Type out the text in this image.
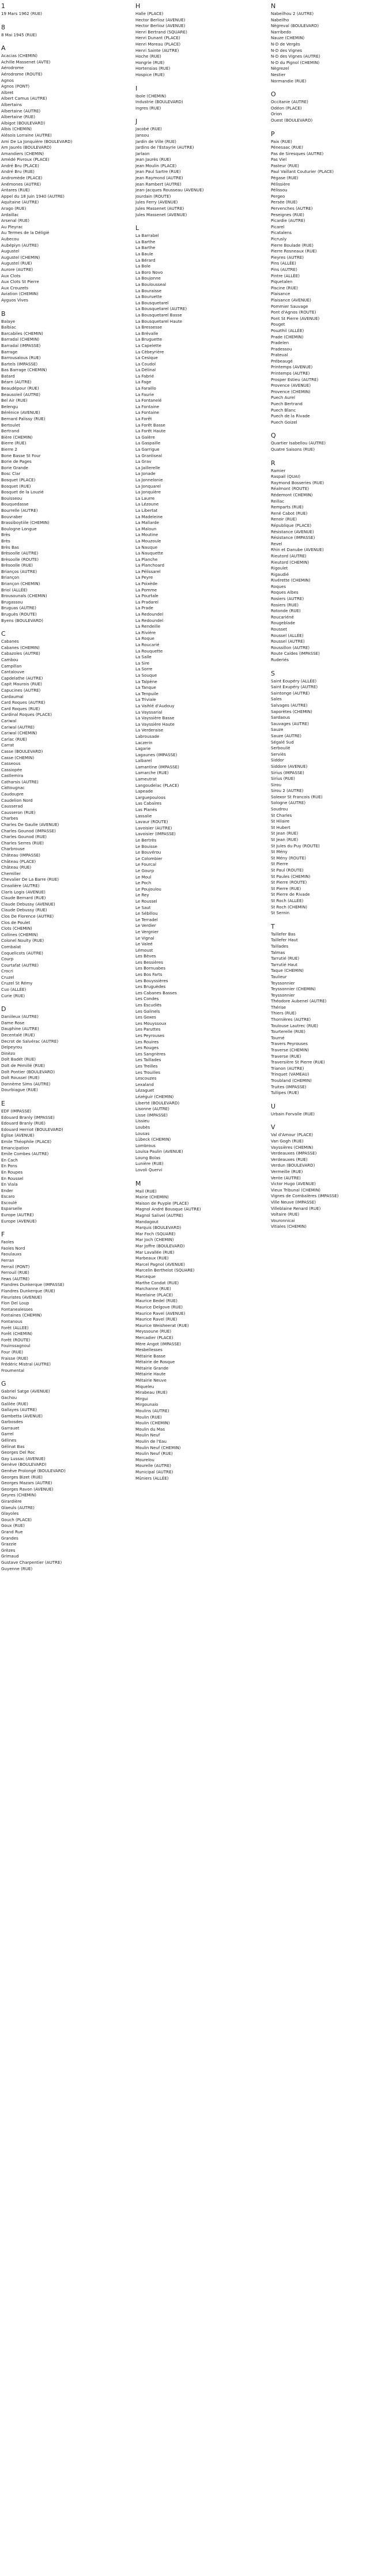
1
19 Mars 1962 (RUE)
8
8 Mai 1945 (RUE)
A
Acacias (CHEMIN)
Achille Massenet (AVTE)
Aérodrome
Aérodrome (ROUTE)
Agnos
Agnos (PONT)
Albret
Albert Camus (AUTRE)
Albertains
Albertaine (AUTRE)
Albertaine (RUE)
Albigot (BOULEVARD)
Albis (CHEMIN)
Alésois Lorraine (AUTRE)
Ami De La Jonquière (BOULEVARD)
Am Jaurés (BOULEVARD)
Amandiers (CHEMIN)
Amédé Pivroux (PLACE)
André Bru (PLACE)
André Bru (RUE)
Andromède (PLACE)
Anémones (AUTRE)
Antares (RUE)
Appel du 18 Juin 1940 (AUTRE)
Aquitaine (AUTRE)
Arago (RUE)
Ardaillac
Arsenal (RUE)
Au Pleyrac
Au Termes de la Déligié
Aubecou
Aubépiyn (AUTRE)
Augustel
Augustel (CHEMIN)
Augustel (RUE)
Aurore (AUTRE)
Aux Clots
Aux Clots St Pierre
Aux Crouzets
Aviation (CHEMIN)
Ayguos Vives
B
Balaye
Balbiac
Barcabiles (CHEMIN)
Barradal (CHEMIN)
Barradal (IMPASSE)
Barrage
Barrousalous (RUE)
Bartels (IMPASSE)
Bas Barrage (CHEMIN)
Batard
Béarn (AUTRE)
Beaudépour (RUE)
Beausoleil (AUTRE)
Bel Air (RUE)
Belengu
Bérénice (AVENUE)
Bernard Palissy (RUE)
Bertoulet
Bertrand
Bière (CHEMIN)
Bierre (RUE)
Bierre 2
Bone Basse St Four
Borie de Pages
Borie Grande
Bosc Clar
Bosquet (PLACE)
Bosquet (RUE)
Bosquet de la Louzié
Bouisseou
Bouquedasse
Bourrelle (AUTRE)
Bouvraber
Brassiboytiile (CHEMIN)
Boulogne Longue
Brès
Brès
Brès Bas
Brèsoolle (AUTRE)
Brèsoolle (ROUTE)
Brèsoolle (RUE)
Brianços (AUTRE)
Briançon
Briançon (CHEMIN)
Briol (ALLÉE)
Brousounals (CHEMIN)
Brugassou
Bruguas (AUTRE)
Bruguès (ROUTE)
Byens (BOULEVARD)
C
Cabanes
Cabanes (CHEMIN)
Cabazoles (AUTRE)
Cambou
Campillan
Cantalouve
Capdelathe (AUTRE)
Capit Maurois (RUE)
Capucines (AUTRE)
Cardaumal
Card Roques (AUTRE)
Card Roques (RUE)
Cardinal Roques (PLACE)
Cariwal
Cariwal (AUTRE)
Cariwal (CHEMIN)
Carlac (RUE)
Carrat
Casse (BOULEVARD)
Casse (CHEMIN)
Casseous
Cassiopée
Castlemira
Catharsis (AUTRE)
Càttougnac
Caudoupre
Caudelion Nord
Causserad
Causseron (RUE)
Charbes
Charles De Gaulle (AVENUE)
Charles Gounod (IMPASSE)
Charles Gounod (RUE)
Charles Serres (RUE)
Charbrouse
Château (IMPASSE)
Château (PLACE)
Château (RUE)
Chemiller
Chevalier De La Barre (RUE)
Cinsolière (AUTRE)
Claris Logis (AVENUE)
Claude Bernard (RUE)
Claude Debussy (AVENUE)
Claude Debussy (RUE)
Clos De Florence (AUTRE)
Clos de Poulet
Clots (CHEMIN)
Collines (CHEMIN)
Colonel Noulty (RUE)
Combalat
Coquelicots (AUTRE)
Courp
Courtafat (AUTRE)
Crocri
Cruzel
Cruzel St Rémy
Cuo (ALLÉE)
Curie (RUE)
D
Daniileux (AUTRE)
Dame Rose
Dauphine (AUTRE)
Decentalé (RUE)
Decrot de Salvérac (AUTRE)
Delpeyrou
Dinèzo
Dolt Badét (RUE)
Dolt de Pémillé (RUE)
Dolt Pontier (BOULEVARD)
Dolt Roussel (RUE)
Donnème Sims (AUTRE)
Dourbiague (RUE)
E
EDF (IMPASSE)
Edouard Branly (IMPASSE)
Edouard Branly (RUE)
Edouard Herriot (BOULEVARD)
Église (AVENUE)
Emile Théophile (PLACE)
Emancipation
Emile Combes (AUTRE)
En Cach
En Pons
En Roupes
En Roussel
En Viala
Ender
Escaro
Escoulé
Esparselle
Europe (AUTRE)
Europe (AVENUE)
F
Faoles
Faoles Nord
Faoulauxs
Ferran
Ferrail (PONT)
Ferrouil (RUE)
Fews (AUTRE)
Flandres Dunkerque (IMPASSE)
Flandres Dunkerque (RUE)
Fleuristes (AVENUE)
Flon Del Loup
Fontanealesses
Fontaines (CHEMIN)
Fontanous
Forêt (ALLEE)
Forêt (CHEMIN)
Forêt (ROUTE)
Fouinssagnoul
Four (RUE)
Fraisse (RUE)
Frédéric Mistral (AUTRE)
Froumental
G
Gabriel Satge (AVENUE)
Gachou
Galilée (RUE)
Gallayes (AUTRE)
Gambetta (AVENUE)
Garbosdes
Garrauet
Garrel
Gélines
Gélinat Bas
Georges Del Roc
Gay Lussac (AVENUE)
Genève (BOULEVARD)
Genêve Prolongé (BOULEVARD)
Georges Bizet (RUE)
Georges Mazars (AUTRE)
Georges Ravon (AVENUE)
Geyres (CHEMIN)
Girardière
Glaeuls (AUTRE)
Glayoles
Gouch (PLACE)
Goux (RUE)
Grand Rue
Grandes
Grazzie
Grèzes
Grimaud
Gustave Charpentier (AUTRE)
Guyenne (RUE)
H
Halle (PLACE)
Hector Berlioz (AVENUE)
Hector Berlioz (AVENUE)
Henri Bertrand (SQUARE)
Henri Dunant (PLACE)
Henri Moreau (PLACE)
Henri Sainte (AUTRE)
Hoche (RUE)
Hongrie (RUE)
Hortensias (RUE)
Hospice (RUE)
I
Ibole (CHEMIN)
Industrie (BOULEVARD)
Ingres (RUE)
J
Jacobé (RUE)
Jansou
Jardin de Ville (RUE)
Jardins de l'Estayrie (AUTRE)
Jarlaon
Jean Jaurès (RUE)
Jean Moulin (PLACE)
Jean Paul Sartre (RUE)
Jean Raymond (AUTRE)
Jean Rambert (AUTRE)
Jean-Jacques Rousseau (AVENUE)
Jourdain (ROUTE)
Jules Ferry (AVENUE)
Jules Massenet (AUTRE)
Jules Massenet (AVENUE)
L
La Barrabel
La Barthe
La Barthe
La Baule
La Bérard
La Bole
La Boro Novo
La Boujonne
La Boulousseal
La Bouraisse
La Bouruette
La Bousquetarel
La Bousquetarel (AUTRE)
La Bousquetarel Basse
La Bousquetarel Haute
La Bressesse
La Brévalle
La Bruguette
La Capelette
La Cèbeyrière
La Cesique
La Coudol
La Délinal
La Fabrié
La Fage
La Faraillo
La Faurie
La Fontanelé
La Fontaine
La Fontaine
La Forêt
La Forêt Basse
La Forêt Haute
La Galère
La Gaspaille
La Garrigue
La Granliseal
La Grav
La Jaillerelle
La Jonade
La Jonnelonie
La Jonquarel
La Jonquière
La Laurre
La Lézoune
La Libertat
La Madeleine
La Mallarde
La Maloun
La Moutine
La Mouzoule
La Nauque
La Nauquette
La Planche
La Planchoard
La Pélissarel
La Peyre
La Poixède
La Pomme
La Pourtale
La Pradarel
La Prade
La Redoundel
La Redoundel
La Rendeille
La Rivière
La Roque
La Roucarié
La Rouquette
La Salle
La Sire
La Sorre
La Souque
La Talpène
La Tanque
La Tenpuile
La Triviale
La Vaihlé d'Audouy
La Vayssarial
La Vayssière Basse
La Vayssière Haute
La Verderaise
Labrousade
Laczerin
Lagarie
Lagaunes (IMPASSE)
Lalbarel
Lamantine (IMPASSE)
Lamarche (RUE)
Lameutrat
Langoudelac (PLACE)
Lapeade
Larguepouloos
Las Cabaïres
Las Planés
Lassalie
Lavaur (ROUTE)
Lavoisier (AUTRE)
Lavoisier (IMPASSE)
Le Bertrès
Le Bouisse
Le Bouvérou
Le Colombier
Le Fourcal
Le Gourp
Le Moul
Le Poch
Le Poujoulou
Le Rey
Le Roussel
Le Saut
Le Sébillou
Le Terradel
Le Verdier
Le Vergnier
Le Vignal
Le Valeé
Lémoust
Les Bèves
Les Bessières
Les Bornuabes
Les Bos Farts
Les Bouyssières
Les Bruguèdes
Les Cabanes Basses
Les Condes
Les Escudiès
Les Galinels
Les Goxes
Les Mouyssoux
Les Paruttes
Les Peyrouses
Les Rouires
Les Rouges
Les Sangrières
Les Taillades
Les Treilles
Les Trouilles
Lescouzes
Lexaland
Lézaguet
Lézéguir (CHEMIN)
Liberté (BOULEVARD)
Lisonne (AUTRE)
Lisse (IMPASSE)
Lissieu
Loubès
Lousas
Lübeck (CHEMIN)
Lombrous
Louisa Paulin (AVENUE)
Loung Bolas
Lunière (RUE)
Lovoli Quervi
M
Mail (RUE)
Mairie (CHEMIN)
Maison de Puyple (PLACE)
Magnol André Bousque (AUTRE)
Magnol Salivel (AUTRE)
Mandagout
Marquis (BOULEVARD)
Mar Foch (SQUARE)
Mar Joch (CHEMIN)
Mar Joffre (BOULEVARD)
Mar Lavallée (RUE)
Marbeaux (RUE)
Marcel Pagnol (AVENUE)
Marcelin Berthelot (SQUARE)
Marceque
Marthe Condat (RUE)
Marchanne (RUE)
Marelaine (PLACE)
Maurice Bedel (RUE)
Maurice Delgove (RUE)
Maurice Ravel (AVENUE)
Maurice Ravel (RUE)
Maurice Weisheerat (RUE)
Meyssoune (RUE)
Mercadier (PLACE)
Mère Angot (IMPASSE)
Mesbellesses
Métairie Basse
Métairie de Rosque
Métairie Grande
Métairie Haute
Métairie Neuve
Miqueleu
Mirabeau (RUE)
Mirgui
Mirgounalo
Moulins (AUTRE)
Moulin (RUE)
Moulin (CHEMIN)
Moulin du Mas
Moulin Neuf
Moulin de l'Eau
Moulin Neuf (CHEMIN)
Moulin Neuf (RUE)
Mourelou
Mourelle (AUTRE)
Municipal (AUTRE)
Mûniers (ALLÉE)
N
Nabeilhou 2 (AUTRE)
Nabeilho
Nègreval (BOULEVARD)
Narribedo
Nauze (CHEMIN)
N-D de Vergès
N-D des Vignes
N-D des Vignes (AUTRE)
N-D du Pignol (CHEMIN)
Nègrezel
Nestier
Normandie (RUE)
O
Occitanie (AUTRE)
Odéon (PLACE)
Orion
Ouest (BOULEVARD)
P
Paix (RUE)
Pénesaac (RUE)
Pas de Siresques (AUTRE)
Pas Viel
Pasteur (RUE)
Paul Vaillant Couturier (PLACE)
Pégase (RUE)
Pélissière
Pélissou
Pergeo
Persée (RUE)
Pervenches (AUTRE)
Peseignes (RUE)
Picardie (AUTRE)
Picarel
Picatalens
Picrusly
Pierre Boulade (RUE)
Pierre Rosneaux (RUE)
Pieyres (AUTRE)
Pins (ALLÉE)
Pins (AUTRE)
Pintre (ALLÉE)
Piquetalen
Piscine (RUE)
Plaisance
Plaisance (AVENUE)
Pommier Sauvage
Pont d'Agnos (ROUTE)
Pont St Pierre (AVENUE)
Pouget
Pouzthil (ALLÉE)
Prade (CHEMIN)
Pradelen
Pradessou
Prateual
Prébeaugé
Printemps (AVENUE)
Printemps (AUTRE)
Prosper Estieu (AUTRE)
Provence (AVENUE)
Provence (CHEMIN)
Puech Aurel
Puech Bertrand
Puech Blanc
Puech de la Rivade
Puech Goizel
Q
Quartier Isabellou (AUTRE)
Quatre Saisons (RUE)
R
Ramier
Raspail (QUAI)
Raymond Bosseries (RUE)
Réalmont (ROUTE)
Rédemont (CHEMIN)
Reillac
Remparts (RUE)
René Cabot (RUE)
Renoir (RUE)
République (PLACE)
Résistance (AVENUE)
Résistance (IMPASSE)
Revel
Rhin et Danube (AVENUE)
Rieutord (AUTRE)
Rieutord (CHEMIN)
Rigoulet
Rigaudié
Rivérette (CHEMIN)
Roques
Roques Albes
Rosiers (AUTRE)
Rosiers (RUE)
Rotonde (RUE)
Roucariéné
Rougeblade
Rousset
Roussel (ALLÉE)
Roussel (AUTRE)
Roussillon (AUTRE)
Route Caldes (IMPASSE)
Ruderiés
S
Saint Eoupéry (ALLÉE)
Saint Exupéry (AUTRE)
Saintonge (AUTRE)
Sales
Salvages (AUTRE)
Saporètes (CHEMIN)
Sardaous
Sauvages (AUTRE)
Sauze
Sauze (AUTRE)
Ségalé Sud
Serbouilé
Serviès
Siddor
Siddore (AVENUE)
Sirius (IMPASSE)
Sirius (RUE)
Sirou
Sirou 2 (AUTRE)
Solexor St Francois (RUE)
Sologne (AUTRE)
Soudrou
St Charles
St Hilaire
St Hubert
St Jean (RUE)
St Jean (RUE)
St Jules du Puy (ROUTE)
St Mény
St Mény (ROUTE)
St Pierre
St Paul (ROUTE)
St Paules (CHEMIN)
St Pierre (ROUTE)
St Pierre (RUE)
St Pierre de Rivade
St Roch (ALLÉE)
St Roch (CHEMIN)
St Sernin
T
Taillefer Bas
Taillefer Haut
Taillades
Talmas
Tarrutié (RUE)
Tarrutié Haut
Taque (CHEMIN)
Taulieur
Teyssonnier
Teyssonnier (CHEMIN)
Teyssonnier
Théodore Aubenel (AUTRE)
Thérise
Thiers (RUE)
Thornières (AUTRE)
Toulouse Lautrec (RUE)
Tourterelle (RUE)
Tourné
Travers Peyrouses
Traverse (CHEMIN)
Traverse (RUE)
Traversière St Pierre (RUE)
Trianon (AUTRE)
Trinquet (VAMEAU)
Troubland (CHEMIN)
Truites (IMPASSE)
Tullipes (RUE)
U
Urbain Forvalle (RUE)
V
Val d'Amour (PLACE)
Van Gogh (RUE)
Vayssières (CHEMIN)
Verdeauxes (IMPASSE)
Verdeauxes (RUE)
Verdun (BOULEVARD)
Vermeille (RUE)
Vente (AUTRE)
Victor Hugo (AVENUE)
Vieux Tribunal (CHEMIN)
Vignes de Combalères (IMPASSE)
Ville Neuve (IMPASSE)
Villeblaine Renard (RUE)
Voltaire (RUE)
Vouronnicai
Vitiales (CHEMIN)
